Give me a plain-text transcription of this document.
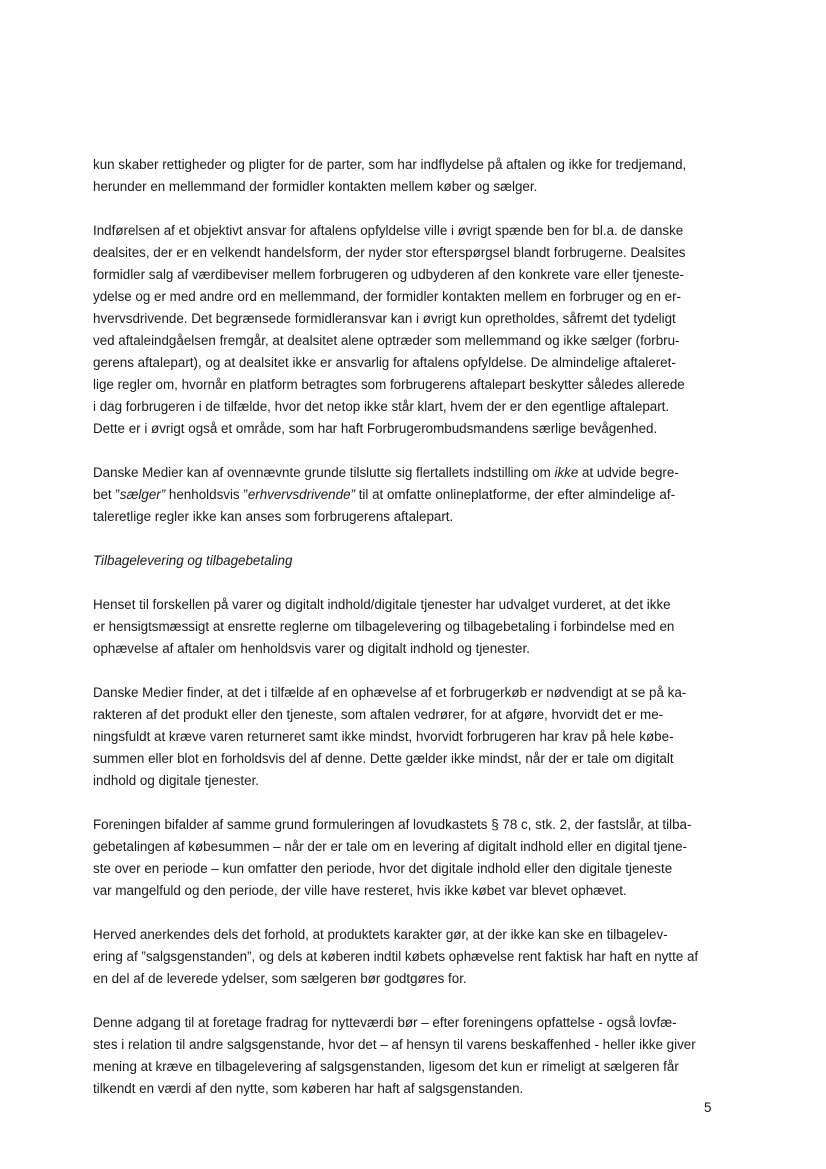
kun skaber rettigheder og pligter for de parter, som har indflydelse på aftalen og ikke for tredjemand,
herunder en mellemmand der formidler kontakten mellem køber og sælger.

Indførelsen af et objektivt ansvar for aftalens opfyldelse ville i øvrigt spænde ben for bl.a. de danske
dealsites, der er en velkendt handelsform, der nyder stor efterspørgsel blandt forbrugerne. Dealsites
formidler salg af værdibeviser mellem forbrugeren og udbyderen af den konkrete vare eller tjeneste-
ydelse og er med andre ord en mellemmand, der formidler kontakten mellem en forbruger og en er-
hvervsdrivende. Det begrænsede formidleransvar kan i øvrigt kun opretholdes, såfremt det tydeligt
ved aftaleindgåelsen fremgår, at dealsitet alene optræder som mellemmand og ikke sælger (forbru-
gerens aftalepart), og at dealsitet ikke er ansvarlig for aftalens opfyldelse. De almindelige aftaleret-
lige regler om, hvornår en platform betragtes som forbrugerens aftalepart beskytter således allerede
i dag forbrugeren i de tilfælde, hvor det netop ikke står klart, hvem der er den egentlige aftalepart.
Dette er i øvrigt også et område, som har haft Forbrugerombudsmandens særlige bevågenhed.

Danske Medier kan af ovennævnte grunde tilslutte sig flertallets indstilling om ikke at udvide begre-
bet ”sælger” henholdsvis ”erhvervsdrivende” til at omfatte onlineplatforme, der efter almindelige af-
taleretlige regler ikke kan anses som forbrugerens aftalepart.

Tilbagelevering og tilbagebetaling

Henset til forskellen på varer og digitalt indhold/digitale tjenester har udvalget vurderet, at det ikke
er hensigtsmæssigt at ensrette reglerne om tilbagelevering og tilbagebetaling i forbindelse med en
ophævelse af aftaler om henholdsvis varer og digitalt indhold og tjenester.

Danske Medier finder, at det i tilfælde af en ophævelse af et forbrugerkøb er nødvendigt at se på ka-
rakteren af det produkt eller den tjeneste, som aftalen vedrører, for at afgøre, hvorvidt det er me-
ningsfuldt at kræve varen returneret samt ikke mindst, hvorvidt forbrugeren har krav på hele købe-
summen eller blot en forholdsvis del af denne. Dette gælder ikke mindst, når der er tale om digitalt
indhold og digitale tjenester.

Foreningen bifalder af samme grund formuleringen af lovudkastets § 78 c, stk. 2, der fastslår, at tilba-
gebetalingen af købesummen – når der er tale om en levering af digitalt indhold eller en digital tjene-
ste over en periode – kun omfatter den periode, hvor det digitale indhold eller den digitale tjeneste
var mangelfuld og den periode, der ville have resteret, hvis ikke købet var blevet ophævet.

Herved anerkendes dels det forhold, at produktets karakter gør, at der ikke kan ske en tilbagelev-
ering af ”salgsgenstanden”, og dels at køberen indtil købets ophævelse rent faktisk har haft en nytte af
en del af de leverede ydelser, som sælgeren bør godtgøres for.

Denne adgang til at foretage fradrag for nytteværdi bør – efter foreningens opfattelse - også lovfæ-
stes i relation til andre salgsgenstande, hvor det – af hensyn til varens beskaffenhed - heller ikke giver
mening at kræve en tilbagelevering af salgsgenstanden, ligesom det kun er rimeligt at sælgeren får
tilkendt en værdi af den nytte, som køberen har haft af salgsgenstanden.

5
